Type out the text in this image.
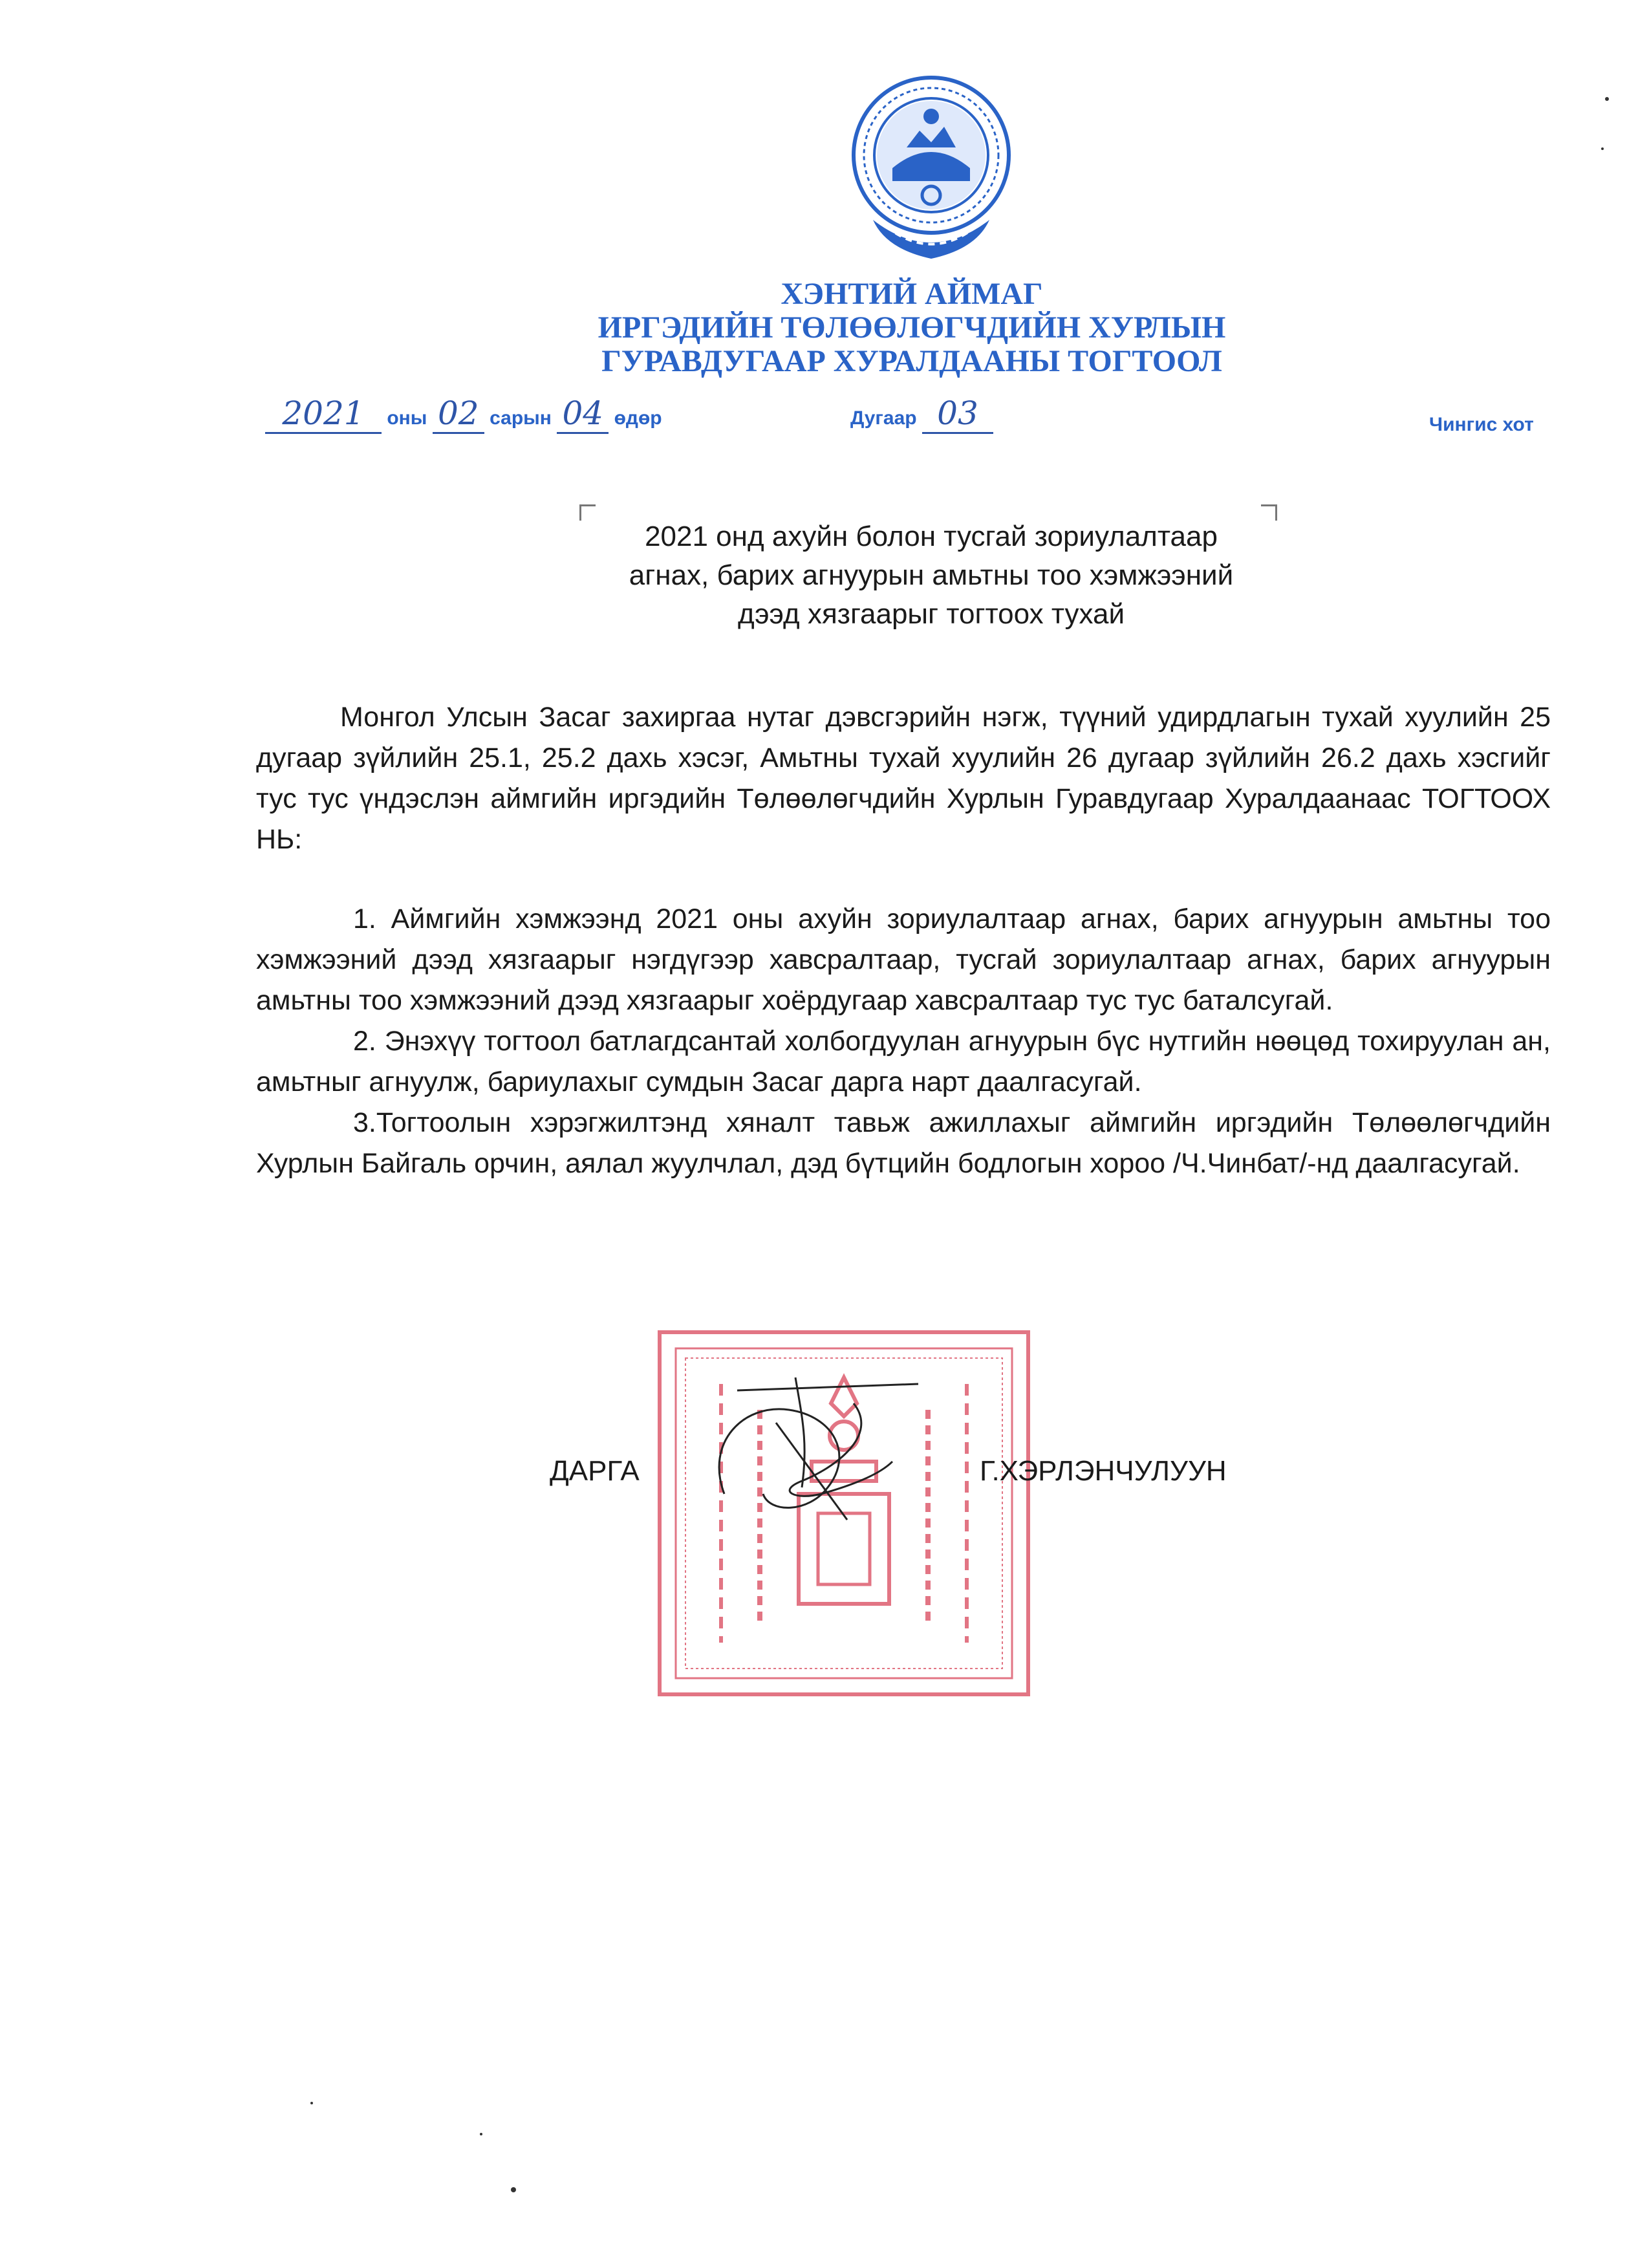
ХЭНТИЙ АЙМАГ
ИРГЭДИЙН ТӨЛӨӨЛӨГЧДИЙН ХУРЛЫН
ГУРАВДУГААР ХУРАЛДААНЫ ТОГТООЛ
2021 оны 02 сарын 04 өдөр	Дугаар 03	Чингис хот
2021 онд ахуйн болон тусгай зориулалтаар
агнах, барих агнуурын амьтны тоо хэмжээний
дээд хязгаарыг тогтоох тухай

Монгол Улсын Засаг захиргаа нутаг дэвсгэрийн нэгж, түүний удирдлагын тухай хуулийн 25 дугаар зүйлийн 25.1, 25.2 дахь хэсэг, Амьтны тухай хуулийн 26 дугаар зүйлийн 26.2 дахь хэсгийг тус тус үндэслэн аймгийн иргэдийн Төлөөлөгчдийн Хурлын Гуравдугаар Хуралдаанаас ТОГТООХ НЬ:

1. Аймгийн хэмжээнд 2021 оны ахуйн зориулалтаар агнах, барих агнуурын амьтны тоо хэмжээний дээд хязгаарыг нэгдүгээр хавсралтаар, тусгай зориулалтаар агнах, барих агнуурын амьтны тоо хэмжээний дээд хязгаарыг хоёрдугаар хавсралтаар тус тус баталсугай.

2. Энэхүү тогтоол батлагдсантай холбогдуулан агнуурын бүс нутгийн нөөцөд тохируулан ан, амьтныг агнуулж, бариулахыг сумдын Засаг дарга нарт даалгасугай.

3.Тогтоолын хэрэгжилтэнд хяналт тавьж ажиллахыг аймгийн иргэдийн Төлөөлөгчдийн Хурлын Байгаль орчин, аялал жуулчлал, дэд бүтцийн бодлогын хороо /Ч.Чинбат/-нд даалгасугай.

ДАРГА	Г.ХЭРЛЭНЧУЛУУН
